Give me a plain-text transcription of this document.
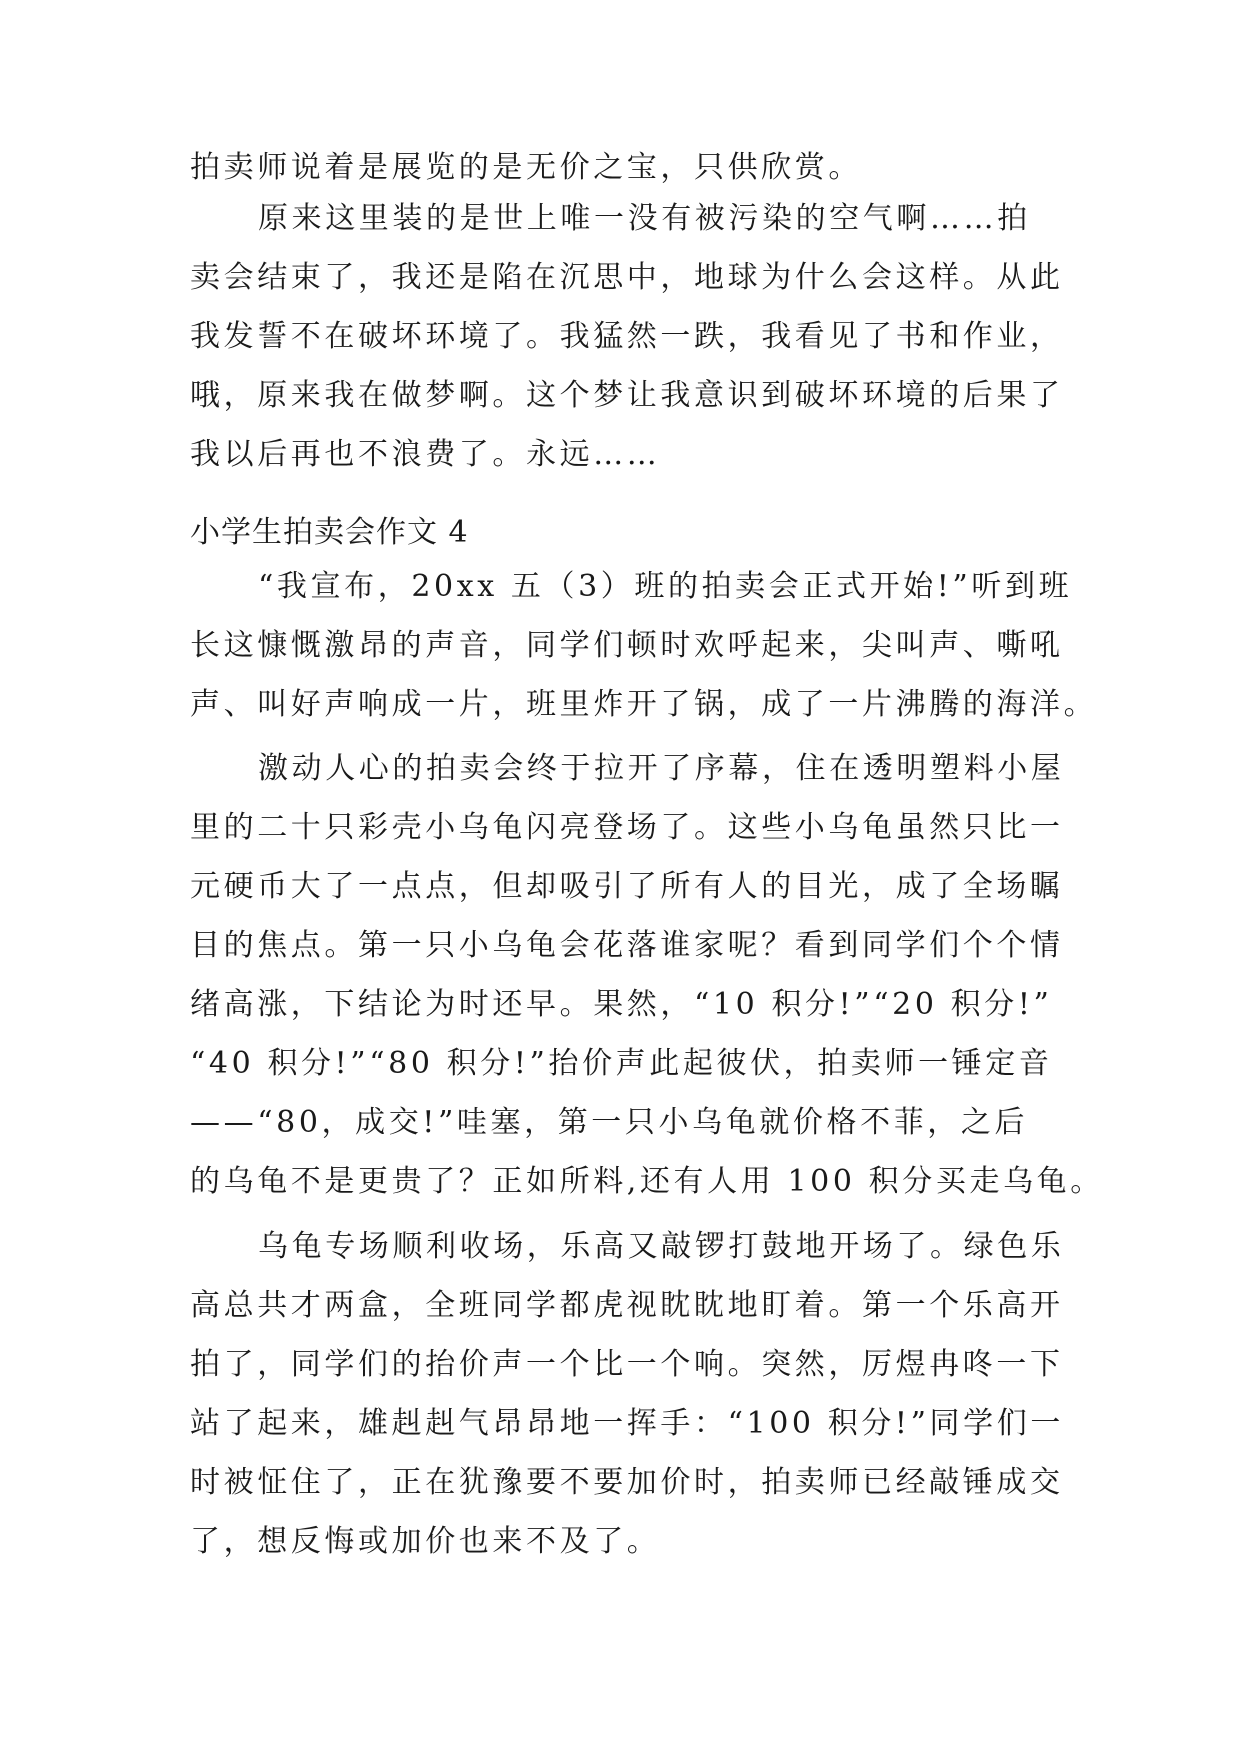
拍卖师说着是展览的是无价之宝，只供欣赏。
原来这里装的是世上唯一没有被污染的空气啊……拍
卖会结束了，我还是陷在沉思中，地球为什么会这样。从此
我发誓不在破坏环境了。我猛然一跌，我看见了书和作业，
哦，原来我在做梦啊。这个梦让我意识到破坏环境的后果了
我以后再也不浪费了。永远……
小学生拍卖会作文 4
“我宣布，20xx 五（3）班的拍卖会正式开始!”听到班
长这慷慨激昂的声音，同学们顿时欢呼起来，尖叫声、嘶吼
声、叫好声响成一片，班里炸开了锅，成了一片沸腾的海洋。
激动人心的拍卖会终于拉开了序幕，住在透明塑料小屋
里的二十只彩壳小乌龟闪亮登场了。这些小乌龟虽然只比一
元硬币大了一点点，但却吸引了所有人的目光，成了全场瞩
目的焦点。第一只小乌龟会花落谁家呢？看到同学们个个情
绪高涨，下结论为时还早。果然，“10 积分!”“20 积分!”
“40 积分!”“80 积分!”抬价声此起彼伏，拍卖师一锤定音
——“80，成交!”哇塞，第一只小乌龟就价格不菲，之后
的乌龟不是更贵了？正如所料,还有人用 100 积分买走乌龟。
乌龟专场顺利收场，乐高又敲锣打鼓地开场了。绿色乐
高总共才两盒，全班同学都虎视眈眈地盯着。第一个乐高开
拍了，同学们的抬价声一个比一个响。突然，厉煜冉咚一下
站了起来，雄赳赳气昂昂地一挥手：“100 积分!”同学们一
时被怔住了，正在犹豫要不要加价时，拍卖师已经敲锤成交
了，想反悔或加价也来不及了。
